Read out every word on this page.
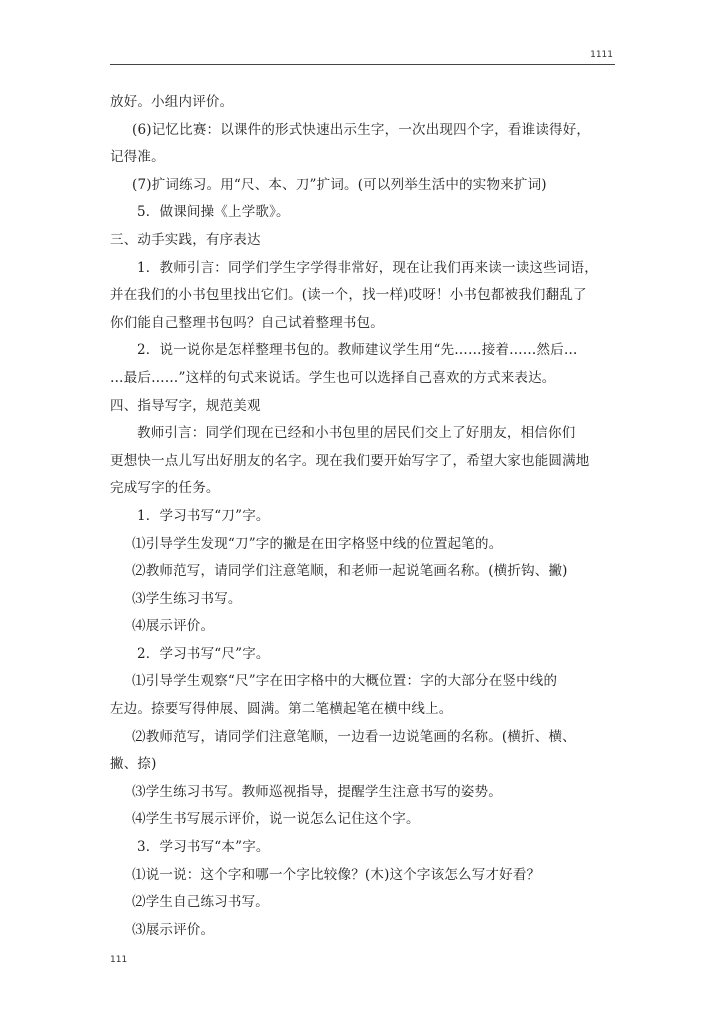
1111
放好。小组内评价。
(6)记忆比赛：以课件的形式快速出示生字，一次出现四个字，看谁读得好，
记得准。
(7)扩词练习。用“尺、本、刀”扩词。(可以列举生活中的实物来扩词)
5．做课间操《上学歌》。
三、动手实践，有序表达
1．教师引言：同学们学生字学得非常好，现在让我们再来读一读这些词语，
并在我们的小书包里找出它们。(读一个，找一样)哎呀！小书包都被我们翻乱了
你们能自己整理书包吗？自己试着整理书包。
2．说一说你是怎样整理书包的。教师建议学生用“先……接着……然后…
…最后……”这样的句式来说话。学生也可以选择自己喜欢的方式来表达。
四、指导写字，规范美观
教师引言：同学们现在已经和小书包里的居民们交上了好朋友，相信你们
更想快一点儿写出好朋友的名字。现在我们要开始写字了，希望大家也能圆满地
完成写字的任务。
1．学习书写“刀”字。
⑴引导学生发现“刀”字的撇是在田字格竖中线的位置起笔的。
⑵教师范写，请同学们注意笔顺，和老师一起说笔画名称。(横折钩、撇)
⑶学生练习书写。
⑷展示评价。
2．学习书写“尺”字。
⑴引导学生观察“尺”字在田字格中的大概位置：字的大部分在竖中线的
左边。捺要写得伸展、圆满。第二笔横起笔在横中线上。
⑵教师范写，请同学们注意笔顺，一边看一边说笔画的名称。(横折、横、
撇、捺)
⑶学生练习书写。教师巡视指导，提醒学生注意书写的姿势。
⑷学生书写展示评价，说一说怎么记住这个字。
3．学习书写“本”字。
⑴说一说：这个字和哪一个字比较像？(木)这个字该怎么写才好看？
⑵学生自己练习书写。
⑶展示评价。
111
